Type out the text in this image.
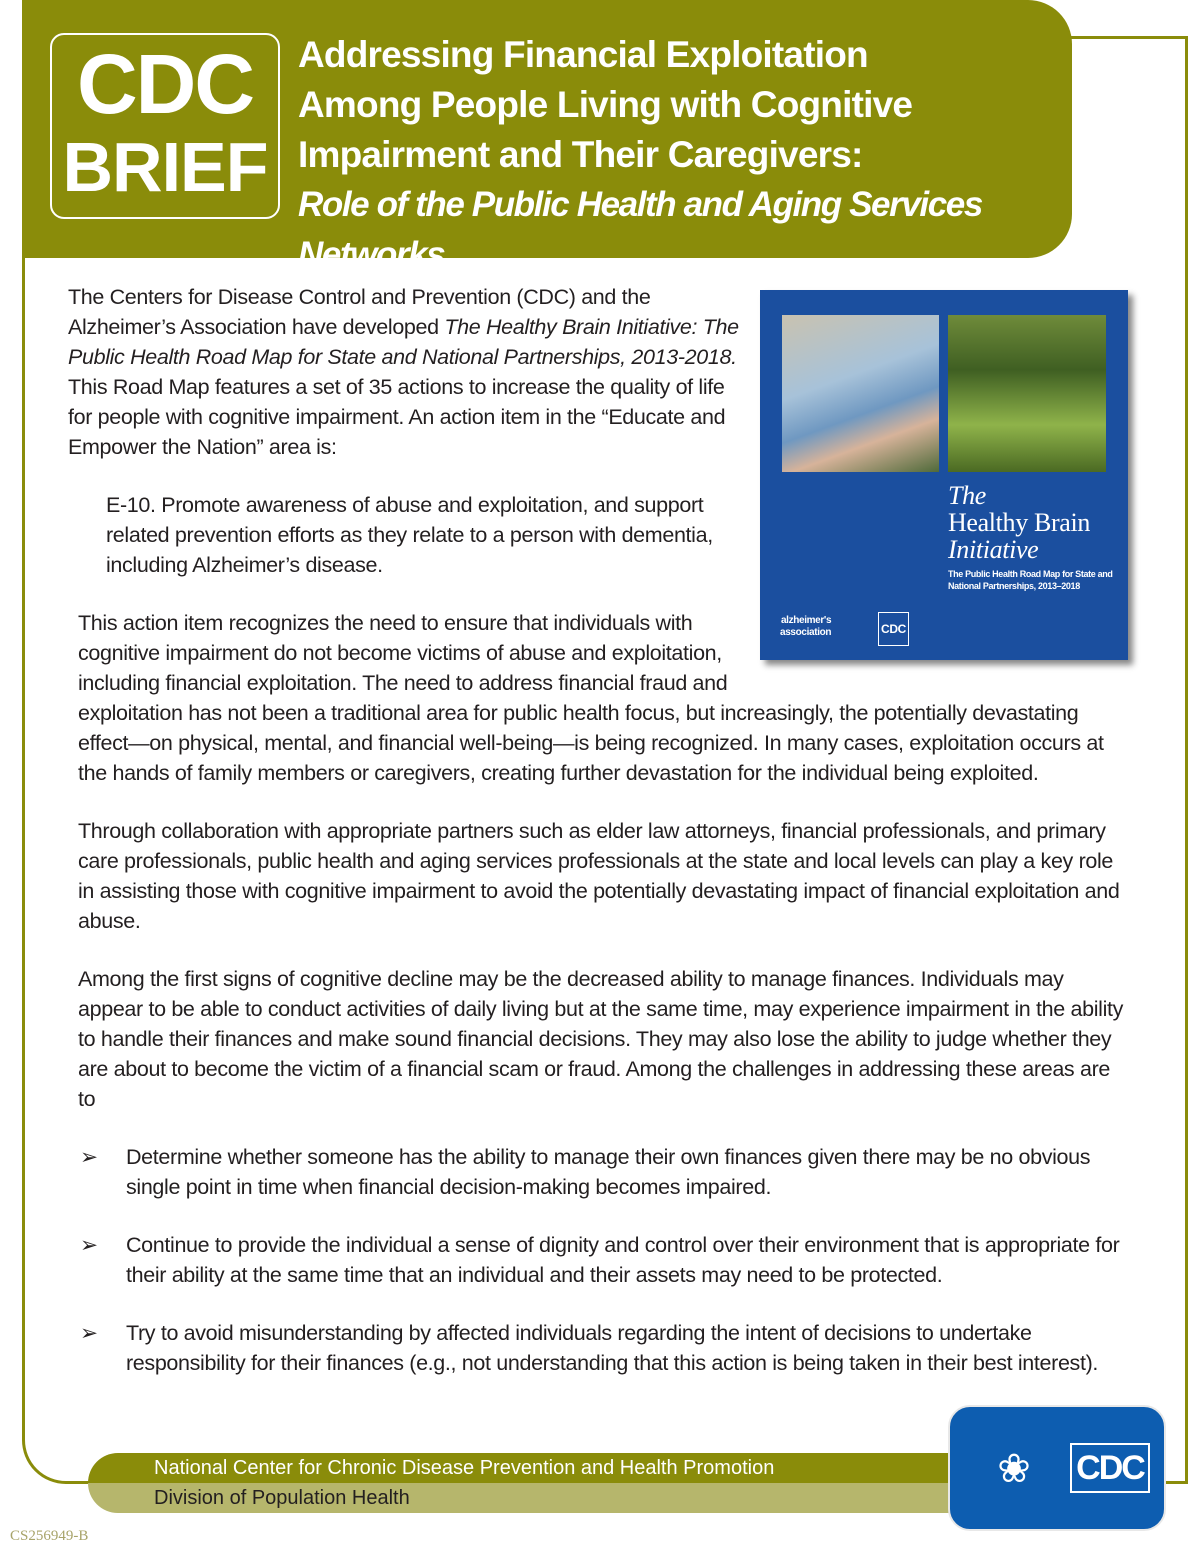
CDC
BRIEF
Addressing Financial Exploitation
Among People Living with Cognitive
Impairment and Their Caregivers:
Role of the Public Health and Aging Services Networks
The
Healthy Brain
Initiative
The Public Health Road Map for State and National Partnerships, 2013–2018
alzheimer's
association	CDC

The Centers for Disease Control and Prevention (CDC) and the Alzheimer’s Association have developed The Healthy Brain Initiative: The Public Health Road Map for State and National Partnerships, 2013-2018. This Road Map features a set of 35 actions to increase the quality of life for people with cognitive impairment. An action item in the “Educate and Empower the Nation” area is:

E-10. Promote awareness of abuse and exploitation, and support related prevention efforts as they relate to a person with dementia, including Alzheimer’s disease.

This action item recognizes the need to ensure that individuals with cognitive impairment do not become victims of abuse and exploitation, including financial exploitation. The need to address financial fraud and exploitation has not been a traditional area for public health focus, but increasingly, the potentially devastating effect—on physical, mental, and financial well-being—is being recognized. In many cases, exploitation occurs at the hands of family members or caregivers, creating further devastation for the individual being exploited.

Through collaboration with appropriate partners such as elder law attorneys, financial professionals, and primary care professionals, public health and aging services professionals at the state and local levels can play a key role in assisting those with cognitive impairment to avoid the potentially devastating impact of financial exploitation and abuse.

Among the first signs of cognitive decline may be the decreased ability to manage finances. Individuals may appear to be able to conduct activities of daily living but at the same time, may experience impairment in the ability to handle their finances and make sound financial decisions. They may also lose the ability to judge whether they are about to become the victim of a financial scam or fraud. Among the challenges in addressing these areas are to

➢ Determine whether someone has the ability to manage their own finances given there may be no obvious single point in time when financial decision-making becomes impaired.
➢ Continue to provide the individual a sense of dignity and control over their environment that is appropriate for their ability at the same time that an individual and their assets may need to be protected.
➢ Try to avoid misunderstanding by affected individuals regarding the intent of decisions to undertake responsibility for their finances (e.g., not understanding that this action is being taken in their best interest).
National Center for Chronic Disease Prevention and Health Promotion
Division of Population Health
❀	CDC
CS256949-B
